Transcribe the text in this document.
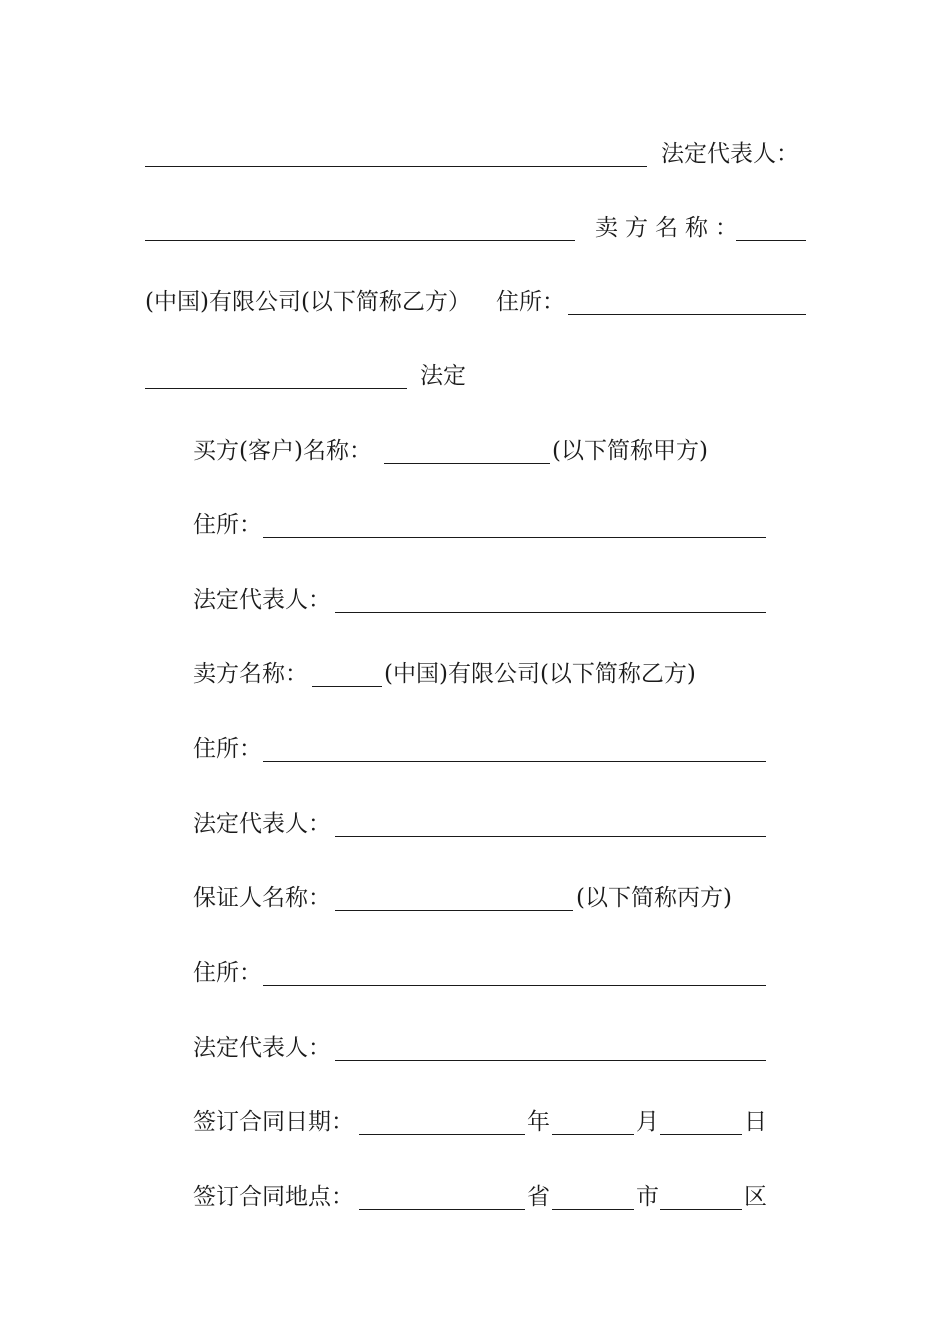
法定代表人：
卖方名称：
(中国)有限公司(以下简称乙方） 住所：
法定
买方(客户)名称：	(以下简称甲方)
住所：
法定代表人：
卖方名称：	(中国)有限公司(以下简称乙方)
住所：
法定代表人：
保证人名称：	(以下简称丙方)
住所：
法定代表人：
签订合同日期：	年	月	日
签订合同地点：	省	市	区
